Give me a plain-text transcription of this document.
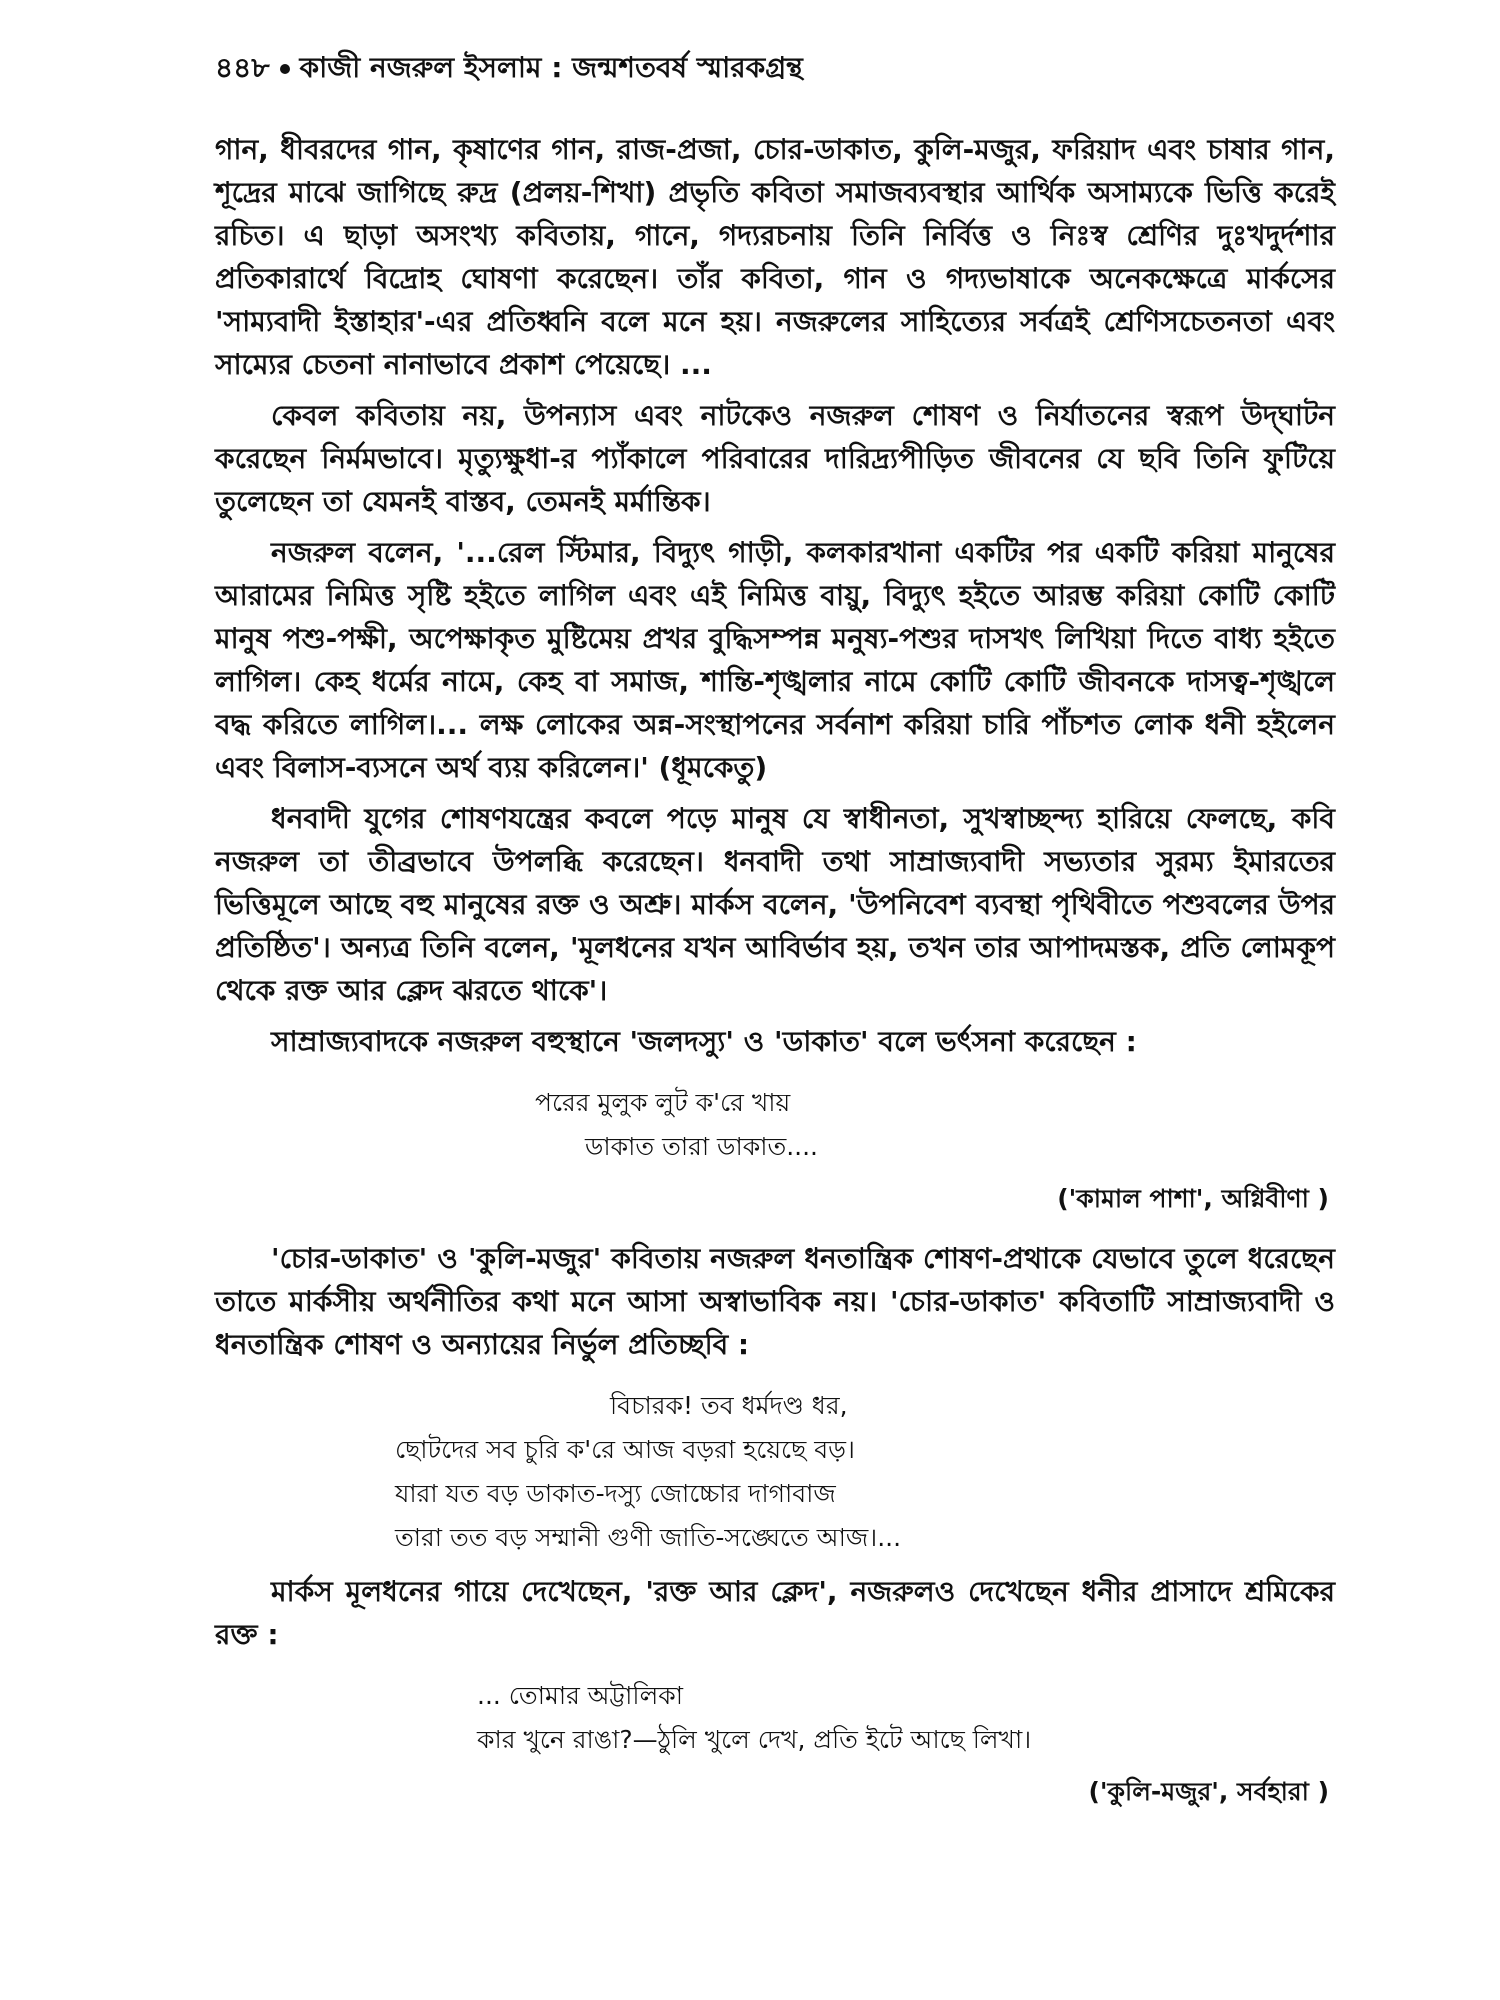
৪৪৮ কাজী নজরুল ইসলাম : জন্মশতবর্ষ স্মারকগ্রন্থ

গান, ধীবরদের গান, কৃষাণের গান, রাজ-প্রজা, চোর-ডাকাত, কুলি-মজুর, ফরিয়াদ এবং চাষার গান, শূদ্রের মাঝে জাগিছে রুদ্র (প্রলয়-শিখা) প্রভৃতি কবিতা সমাজব্যবস্থার আর্থিক অসাম্যকে ভিত্তি করেই রচিত। এ ছাড়া অসংখ্য কবিতায়, গানে, গদ্যরচনায় তিনি নির্বিত্ত ও নিঃস্ব শ্রেণির দুঃখদুর্দশার প্রতিকারার্থে বিদ্রোহ ঘোষণা করেছেন। তাঁর কবিতা, গান ও গদ্যভাষাকে অনেকক্ষেত্রে মার্কসের 'সাম্যবাদী ইস্তাহার'-এর প্রতিধ্বনি বলে মনে হয়। নজরুলের সাহিত্যের সর্বত্রই শ্রেণিসচেতনতা এবং সাম্যের চেতনা নানাভাবে প্রকাশ পেয়েছে। ...

কেবল কবিতায় নয়, উপন্যাস এবং নাটকেও নজরুল শোষণ ও নির্যাতনের স্বরূপ উদ্‌ঘাটন করেছেন নির্মমভাবে। মৃত্যুক্ষুধা-র প্যাঁকালে পরিবারের দারিদ্র্যপীড়িত জীবনের যে ছবি তিনি ফুটিয়ে তুলেছেন তা যেমনই বাস্তব, তেমনই মর্মান্তিক।

নজরুল বলেন, '...রেল স্টিমার, বিদ্যুৎ গাড়ী, কলকারখানা একটির পর একটি করিয়া মানুষের আরামের নিমিত্ত সৃষ্টি হইতে লাগিল এবং এই নিমিত্ত বায়ু, বিদ্যুৎ হইতে আরম্ভ করিয়া কোটি কোটি মানুষ পশু-পক্ষী, অপেক্ষাকৃত মুষ্টিমেয় প্রখর বুদ্ধিসম্পন্ন মনুষ্য-পশুর দাসখৎ লিখিয়া দিতে বাধ্য হইতে লাগিল। কেহ ধর্মের নামে, কেহ বা সমাজ, শান্তি-শৃঙ্খলার নামে কোটি কোটি জীবনকে দাসত্ব-শৃঙ্খলে বদ্ধ করিতে লাগিল।... লক্ষ লোকের অন্ন-সংস্থাপনের সর্বনাশ করিয়া চারি পাঁচশত লোক ধনী হইলেন এবং বিলাস-ব্যসনে অর্থ ব্যয় করিলেন।' (ধূমকেতু)

ধনবাদী যুগের শোষণযন্ত্রের কবলে পড়ে মানুষ যে স্বাধীনতা, সুখস্বাচ্ছন্দ্য হারিয়ে ফেলছে, কবি নজরুল তা তীব্রভাবে উপলব্ধি করেছেন। ধনবাদী তথা সাম্রাজ্যবাদী সভ্যতার সুরম্য ইমারতের ভিত্তিমূলে আছে বহু মানুষের রক্ত ও অশ্রু। মার্কস বলেন, 'উপনিবেশ ব্যবস্থা পৃথিবীতে পশুবলের উপর প্রতিষ্ঠিত'। অন্যত্র তিনি বলেন, 'মূলধনের যখন আবির্ভাব হয়, তখন তার আপাদমস্তক, প্রতি লোমকূপ থেকে রক্ত আর ক্লেদ ঝরতে থাকে'।

সাম্রাজ্যবাদকে নজরুল বহুস্থানে 'জলদস্যু' ও 'ডাকাত' বলে ভর্ৎসনা করেছেন :

পরের মুলুক লুট ক'রে খায়
ডাকাত তারা ডাকাত....
('কামাল পাশা', অগ্নিবীণা )

'চোর-ডাকাত' ও 'কুলি-মজুর' কবিতায় নজরুল ধনতান্ত্রিক শোষণ-প্রথাকে যেভাবে তুলে ধরেছেন তাতে মার্কসীয় অর্থনীতির কথা মনে আসা অস্বাভাবিক নয়। 'চোর-ডাকাত' কবিতাটি সাম্রাজ্যবাদী ও ধনতান্ত্রিক শোষণ ও অন্যায়ের নির্ভুল প্রতিচ্ছবি :

বিচারক! তব ধর্মদণ্ড ধর,
ছোটদের সব চুরি ক'রে আজ বড়রা হয়েছে বড়।
যারা যত বড় ডাকাত-দস্যু জোচ্চোর দাগাবাজ
তারা তত বড় সম্মানী গুণী জাতি-সঙ্ঘেতে আজ।...

মার্কস মূলধনের গায়ে দেখেছেন, 'রক্ত আর ক্লেদ', নজরুলও দেখেছেন ধনীর প্রাসাদে শ্রমিকের রক্ত :

... তোমার অট্টালিকা
কার খুনে রাঙা?—ঠুলি খুলে দেখ, প্রতি ইটে আছে লিখা।
('কুলি-মজুর', সর্বহারা )
